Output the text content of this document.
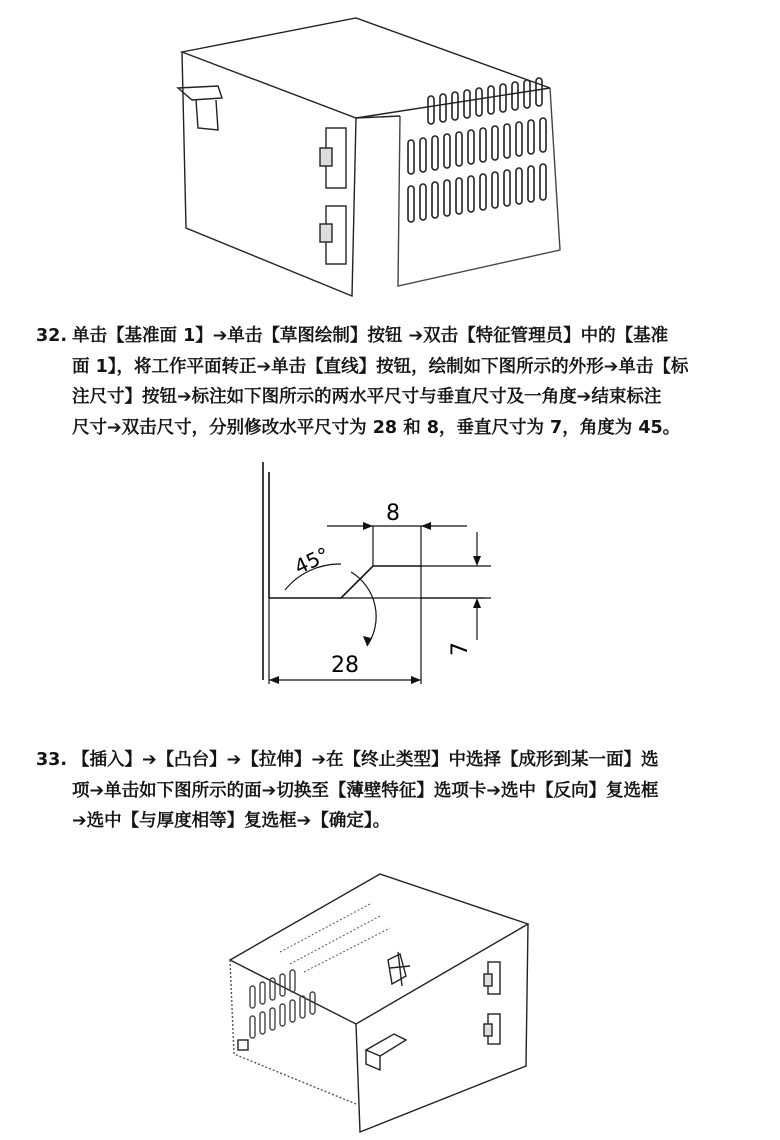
32. 单击【基准面 1】➔单击【草图绘制】按钮 ➔双击【特征管理员】中的【基准
面 1】，将工作平面转正➔单击【直线】按钮，绘制如下图所示的外形➔单击【标
注尺寸】按钮➔标注如下图所示的两水平尺寸与垂直尺寸及一角度➔结束标注
尺寸➔双击尺寸，分别修改水平尺寸为 28 和 8，垂直尺寸为 7，角度为 45。
8
45°
28
7
33. 【插入】➔【凸台】➔【拉伸】➔在【终止类型】中选择【成形到某一面】选
项➔单击如下图所示的面➔切换至【薄壁特征】选项卡➔选中【反向】复选框
➔选中【与厚度相等】复选框➔【确定】。
